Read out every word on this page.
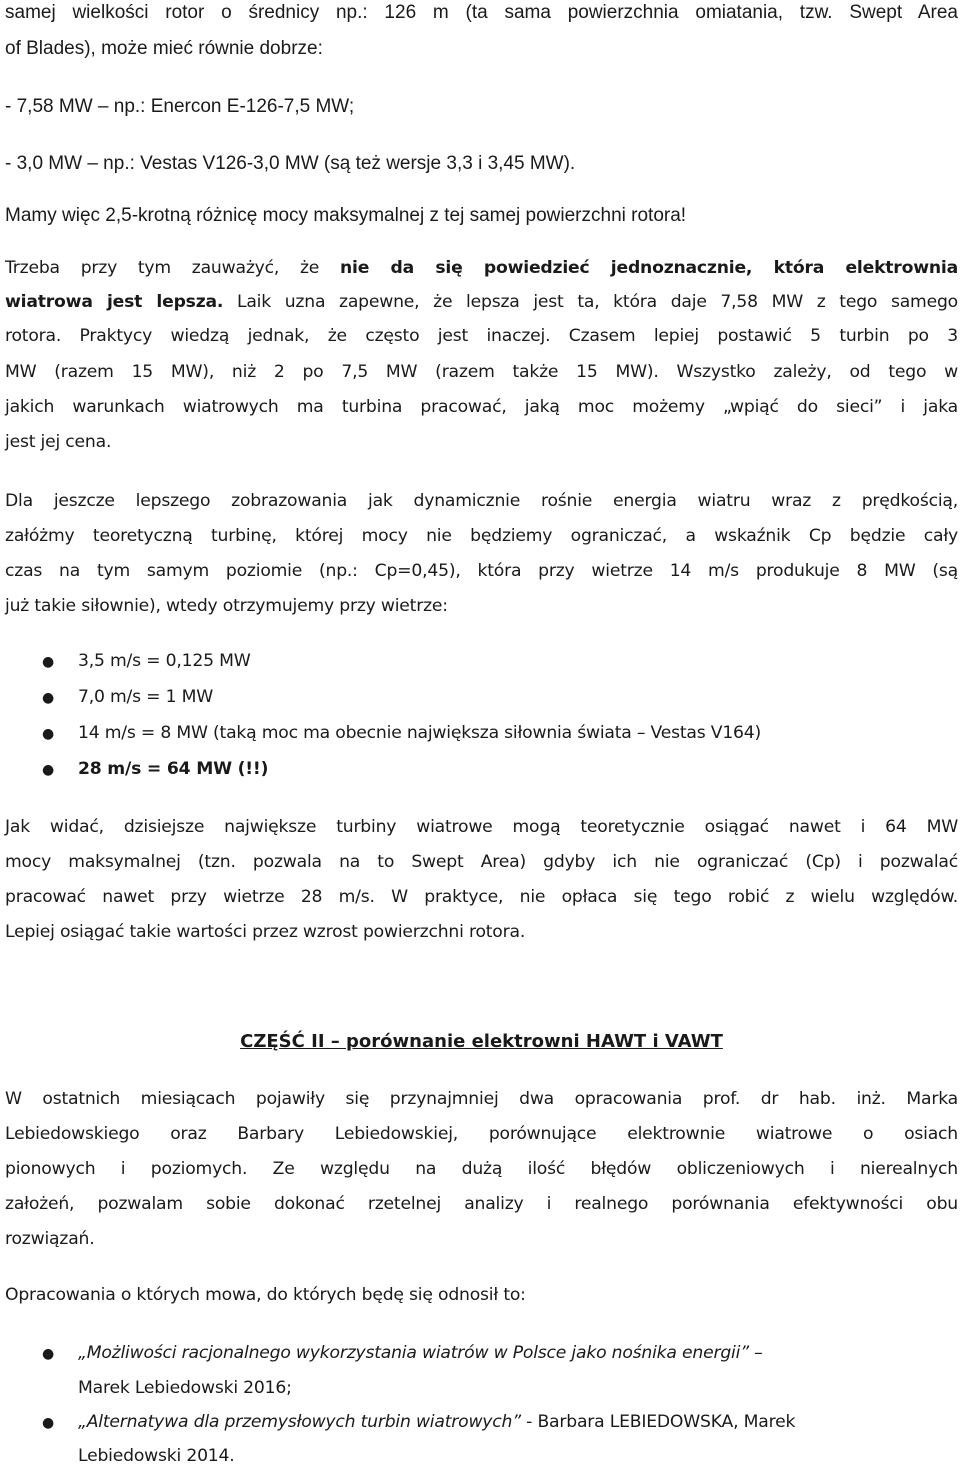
samej wielkości rotor o średnicy np.: 126 m (ta sama powierzchnia omiatania, tzw. Swept Area
of Blades), może mieć równie dobrze:
- 7,58 MW – np.: Enercon E-126-7,5 MW;
- 3,0 MW – np.: Vestas V126-3,0 MW (są też wersje 3,3 i 3,45 MW).
Mamy więc 2,5-krotną różnicę mocy maksymalnej z tej samej powierzchni rotora!
Trzeba przy tym zauważyć, że nie da się powiedzieć jednoznacznie, która elektrownia
wiatrowa jest lepsza. Laik uzna zapewne, że lepsza jest ta, która daje 7,58 MW z tego samego
rotora. Praktycy wiedzą jednak, że często jest inaczej. Czasem lepiej postawić 5 turbin po 3
MW (razem 15 MW), niż 2 po 7,5 MW (razem także 15 MW). Wszystko zależy, od tego w
jakich warunkach wiatrowych ma turbina pracować, jaką moc możemy „wpiąć do sieci” i jaka
jest jej cena.
Dla jeszcze lepszego zobrazowania jak dynamicznie rośnie energia wiatru wraz z prędkością,
załóżmy teoretyczną turbinę, której mocy nie będziemy ograniczać, a wskaźnik Cp będzie cały
czas na tym samym poziomie (np.: Cp=0,45), która przy wietrze 14 m/s produkuje 8 MW (są
już takie siłownie), wtedy otrzymujemy przy wietrze:
● 3,5 m/s = 0,125 MW
● 7,0 m/s = 1 MW
● 14 m/s = 8 MW (taką moc ma obecnie największa siłownia świata – Vestas V164)
● 28 m/s = 64 MW (!!)
Jak widać, dzisiejsze największe turbiny wiatrowe mogą teoretycznie osiągać nawet i 64 MW
mocy maksymalnej (tzn. pozwala na to Swept Area) gdyby ich nie ograniczać (Cp) i pozwalać
pracować nawet przy wietrze 28 m/s. W praktyce, nie opłaca się tego robić z wielu względów.
Lepiej osiągać takie wartości przez wzrost powierzchni rotora.
CZĘŚĆ II – porównanie elektrowni HAWT i VAWT
W ostatnich miesiącach pojawiły się przynajmniej dwa opracowania prof. dr hab. inż. Marka
Lebiedowskiego oraz Barbary Lebiedowskiej, porównujące elektrownie wiatrowe o osiach
pionowych i poziomych. Ze względu na dużą ilość błędów obliczeniowych i nierealnych
założeń, pozwalam sobie dokonać rzetelnej analizy i realnego porównania efektywności obu
rozwiązań.
Opracowania o których mowa, do których będę się odnosił to:
● „Możliwości racjonalnego wykorzystania wiatrów w Polsce jako nośnika energii” –
Marek Lebiedowski 2016;
● „Alternatywa dla przemysłowych turbin wiatrowych” - Barbara LEBIEDOWSKA, Marek
Lebiedowski 2014.
